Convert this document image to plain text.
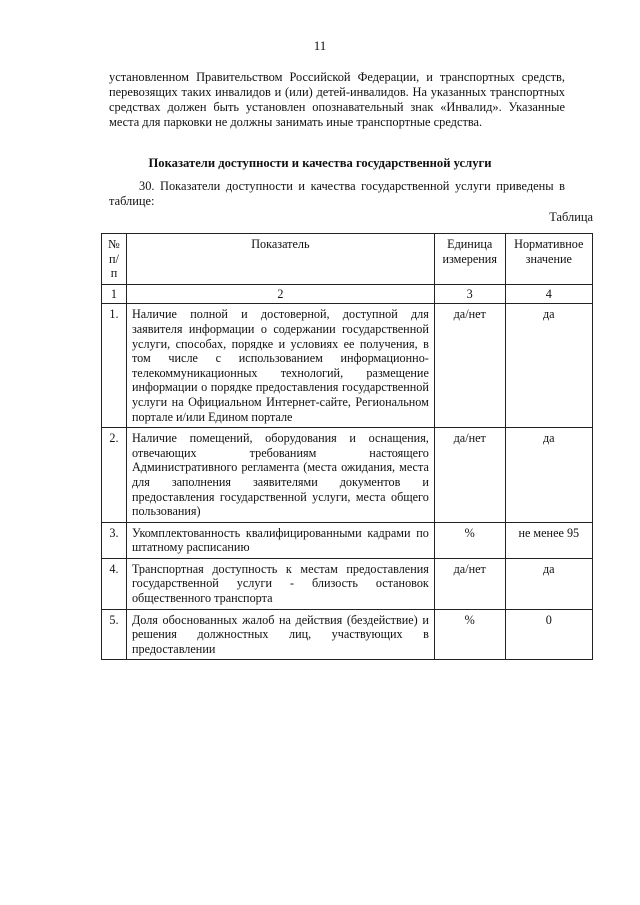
11
установленном Правительством Российской Федерации, и транспортных средств, перевозящих таких инвалидов и (или) детей-инвалидов. На указанных транспортных средствах должен быть установлен опознавательный знак «Инвалид». Указанные места для парковки не должны занимать иные транспортные средства.
Показатели доступности и качества государственной услуги
30. Показатели доступности и качества государственной услуги приведены в таблице:
Таблица
№ п/п	Показатель	Единица измерения	Нормативное значение
1	2	3	4
1.	Наличие полной и достоверной, доступной для заявителя информации о содержании государственной услуги, способах, порядке и условиях ее получения, в том числе с использованием информационно-телекоммуникационных технологий, размещение информации о порядке предоставления государственной услуги на Официальном Интернет-сайте, Региональном портале и/или Едином портале	да/нет	да
2.	Наличие помещений, оборудования и оснащения, отвечающих требованиям настоящего Административного регламента (места ожидания, места для заполнения заявителями документов и предоставления государственной услуги, места общего пользования)	да/нет	да
3.	Укомплектованность квалифицированными кадрами по штатному расписанию	%	не менее 95
4.	Транспортная доступность к местам предоставления государственной услуги - близость остановок общественного транспорта	да/нет	да
5.	Доля обоснованных жалоб на действия (бездействие) и решения должностных лиц, участвующих в предоставлении	%	0
